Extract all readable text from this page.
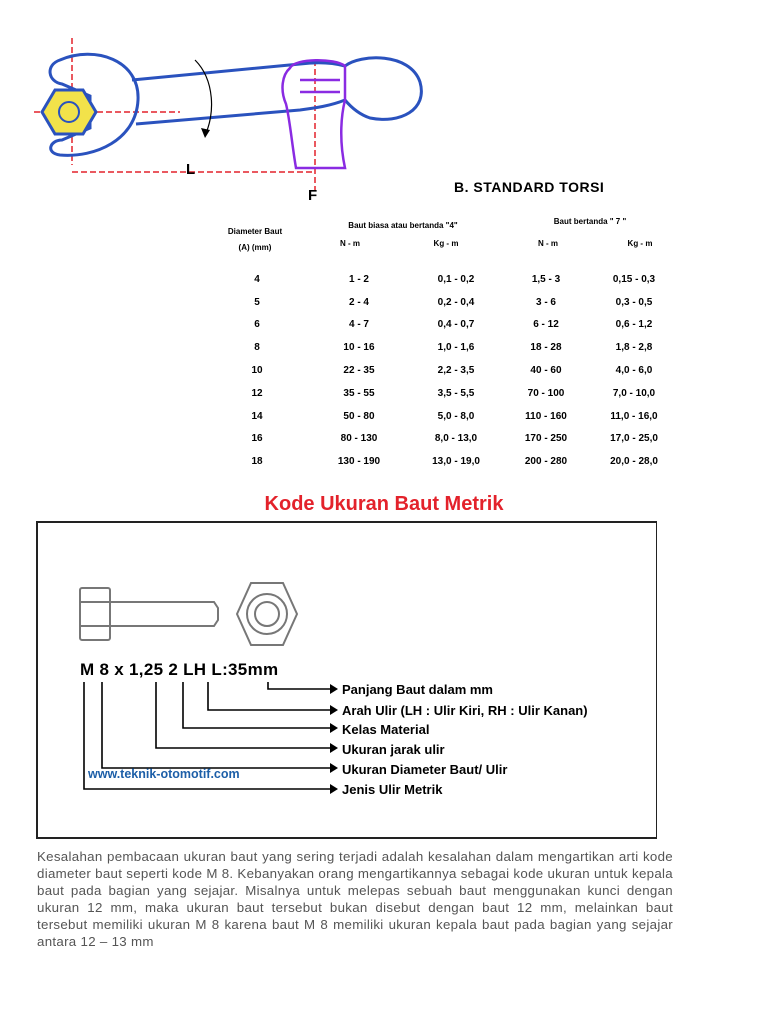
L
F	B. STANDARD TORSI
Diameter Baut
(A) (mm)
Baut biasa atau bertanda "4"	Baut bertanda " 7 "
N - m	Kg - m	N - m	Kg - m
4	1 - 2	0,1 - 0,2	1,5 - 3	0,15 - 0,3
5	2 - 4	0,2 - 0,4	3 - 6	0,3 - 0,5
6	4 - 7	0,4 - 0,7	6 - 12	0,6 - 1,2
8	10 - 16	1,0 - 1,6	18 - 28	1,8 - 2,8
10	22 - 35	2,2 - 3,5	40 - 60	4,0 - 6,0
12	35 - 55	3,5 - 5,5	70 - 100	7,0 - 10,0
14	50 - 80	5,0 - 8,0	110 - 160	11,0 - 16,0
16	80 - 130	8,0 - 13,0	170 - 250	17,0 - 25,0
18	130 - 190	13,0 - 19,0	200 - 280	20,0 - 28,0
Kode Ukuran Baut Metrik
M 8 x 1,25 2 LH L:35mm
Panjang Baut dalam mm
Arah Ulir (LH : Ulir Kiri, RH : Ulir Kanan)
Kelas Material
Ukuran jarak ulir
Ukuran Diameter Baut/ Ulir
Jenis Ulir Metrik
www.teknik-otomotif.com
Kesalahan pembacaan ukuran baut yang sering terjadi adalah kesalahan dalam mengartikan arti kode diameter baut seperti kode M 8. Kebanyakan orang mengartikannya sebagai kode ukuran untuk kepala baut pada bagian yang sejajar. Misalnya untuk melepas sebuah baut menggunakan kunci dengan ukuran 12 mm, maka ukuran baut tersebut bukan disebut dengan baut 12 mm, melainkan baut tersebut memiliki ukuran M 8 karena baut M 8 memiliki ukuran kepala baut pada bagian yang sejajar antara 12 – 13 mm
